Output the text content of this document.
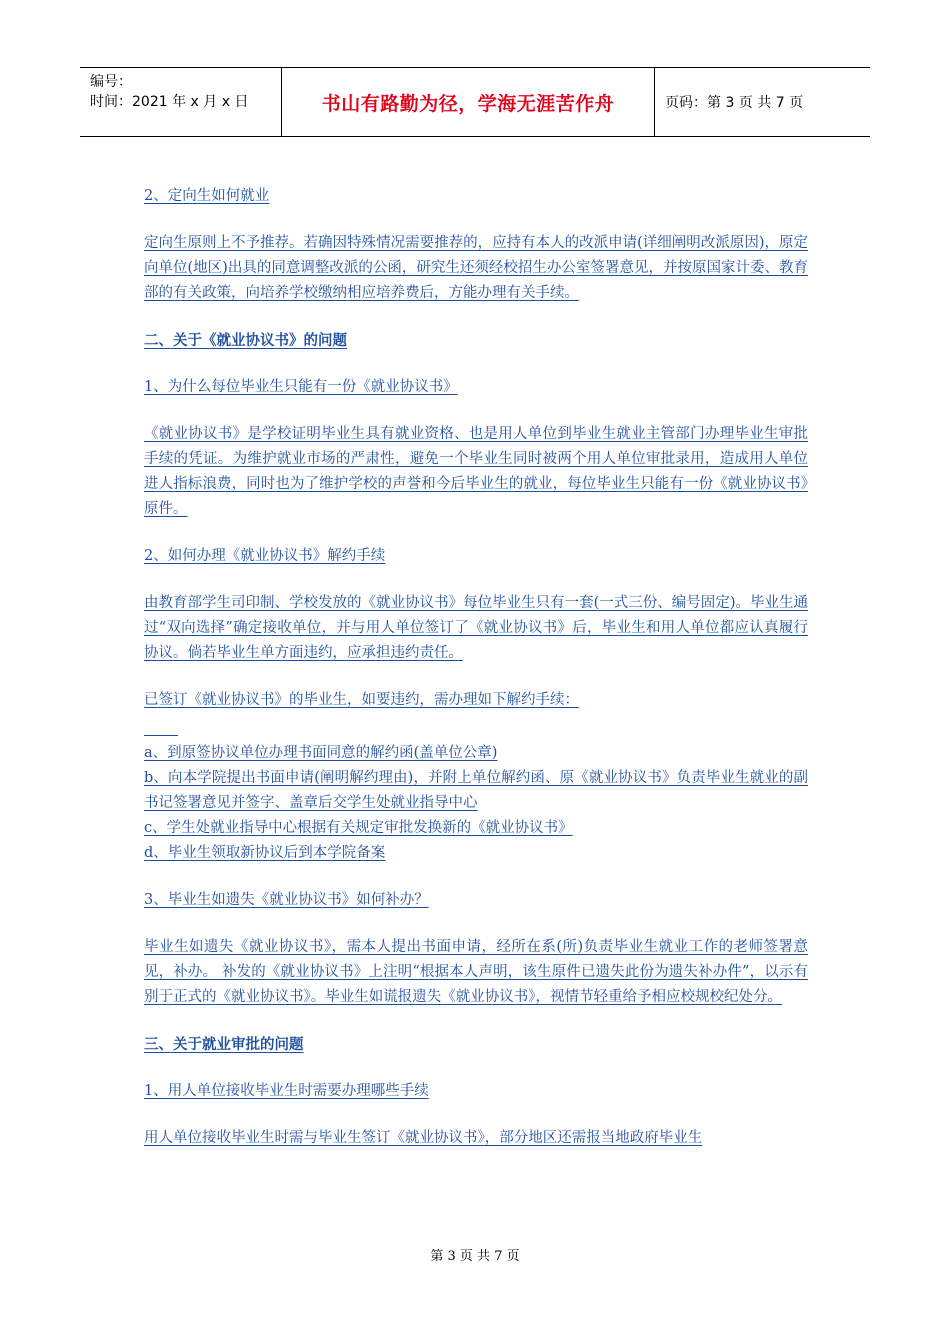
编号：
时间：2021 年 x 月 x 日	书山有路勤为径，学海无涯苦作舟	页码：第 3 页 共 7 页

2、定向生如何就业

定向生原则上不予推荐。若确因特殊情况需要推荐的，应持有本人的改派申请(详细阐明改派原因)，原定向单位(地区)出具的同意调整改派的公函，研究生还须经校招生办公室签署意见，并按原国家计委、教育部的有关政策，向培养学校缴纳相应培养费后，方能办理有关手续。

二、关于《就业协议书》的问题

1、为什么每位毕业生只能有一份《就业协议书》

《就业协议书》是学校证明毕业生具有就业资格、也是用人单位到毕业生就业主管部门办理毕业生审批手续的凭证。为维护就业市场的严肃性，避免一个毕业生同时被两个用人单位审批录用，造成用人单位进人指标浪费，同时也为了维护学校的声誉和今后毕业生的就业，每位毕业生只能有一份《就业协议书》原件。

2、如何办理《就业协议书》解约手续

由教育部学生司印制、学校发放的《就业协议书》每位毕业生只有一套(一式三份、编号固定)。毕业生通过“双向选择”确定接收单位，并与用人单位签订了《就业协议书》后，毕业生和用人单位都应认真履行协议。倘若毕业生单方面违约，应承担违约责任。

已签订《就业协议书》的毕业生，如要违约，需办理如下解约手续：

a、到原签协议单位办理书面同意的解约函(盖单位公章)

b、向本学院提出书面申请(阐明解约理由)，并附上单位解约函、原《就业协议书》负责毕业生就业的副书记签署意见并签字、盖章后交学生处就业指导中心

c、学生处就业指导中心根据有关规定审批发换新的《就业协议书》

d、毕业生领取新协议后到本学院备案

3、毕业生如遗失《就业协议书》如何补办？

毕业生如遗失《就业协议书》，需本人提出书面申请，经所在系(所)负责毕业生就业工作的老师签署意见，补办。 补发的《就业协议书》上注明“根据本人声明，该生原件已遗失此份为遗失补办件”，以示有别于正式的《就业协议书》。毕业生如谎报遗失《就业协议书》，视情节轻重给予相应校规校纪处分。

三、关于就业审批的问题

1、用人单位接收毕业生时需要办理哪些手续

用人单位接收毕业生时需与毕业生签订《就业协议书》，部分地区还需报当地政府毕业生

第 3 页 共 7 页
